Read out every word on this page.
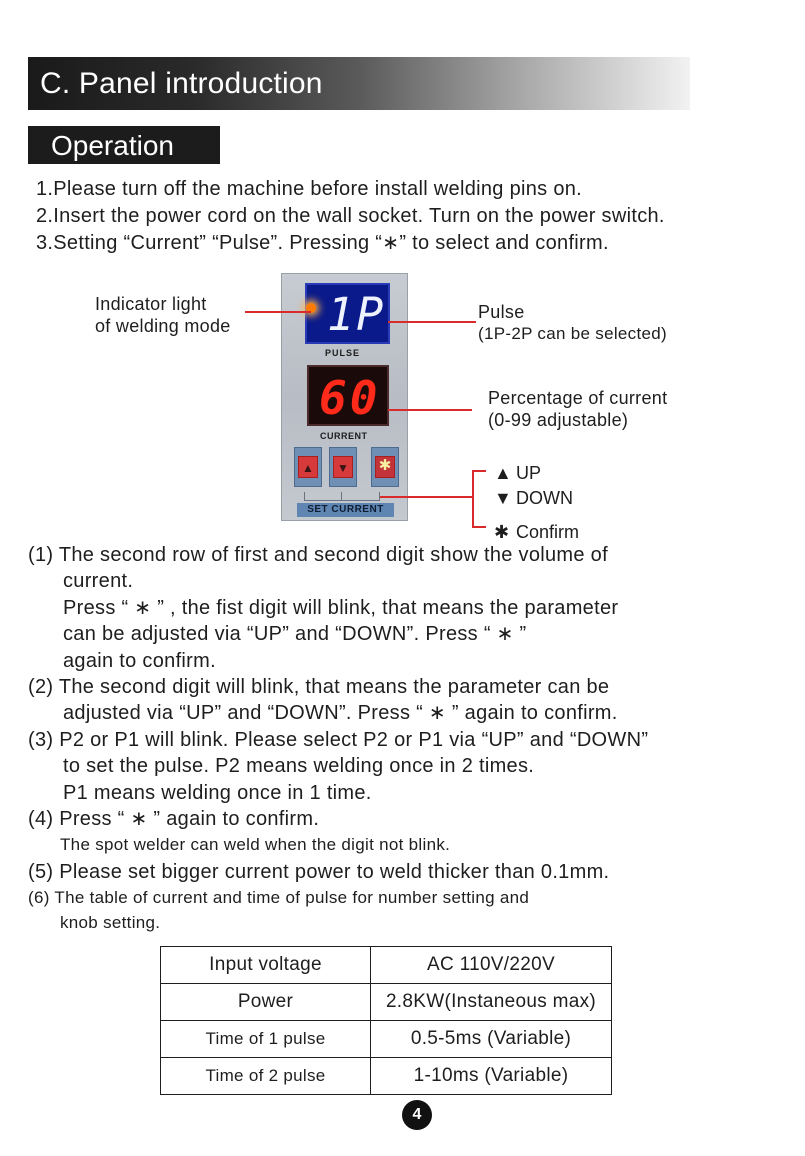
C. Panel introduction
Operation
1.Please turn off the machine before install welding pins on.
2.Insert the power cord on the wall socket. Turn on the power switch.
3.Setting “Current” “Pulse”. Pressing “∗” to select and confirm.
1P
PULSE
60
CURRENT
▲ ▼ ✱
SET CURRENT
Indicator light
of welding mode
Pulse
(1P-2P can be selected)
Percentage of current
(0-99 adjustable)
▲ UP
▼ DOWN
✱ Confirm
(1) The second row of first and second digit show the volume of
current.
Press “ ∗ ” , the fist digit will blink, that means the parameter
can be adjusted via “UP” and “DOWN”. Press “ ∗ ”
again to confirm.
(2) The second digit will blink, that means the parameter can be
adjusted via “UP” and “DOWN”. Press “ ∗ ” again to confirm.
(3) P2 or P1 will blink. Please select P2 or P1 via “UP” and “DOWN”
to set the pulse. P2 means welding once in 2 times.
P1 means welding once in 1 time.
(4) Press “ ∗ ” again to confirm.
The spot welder can weld when the digit not blink.
(5) Please set bigger current power to weld thicker than 0.1mm.
(6) The table of current and time of pulse for number setting and
knob setting.
Input voltage	AC 110V/220V
Power	2.8KW(Instaneous max)
Time of 1 pulse	0.5-5ms (Variable)
Time of 2 pulse	1-10ms (Variable)
4
